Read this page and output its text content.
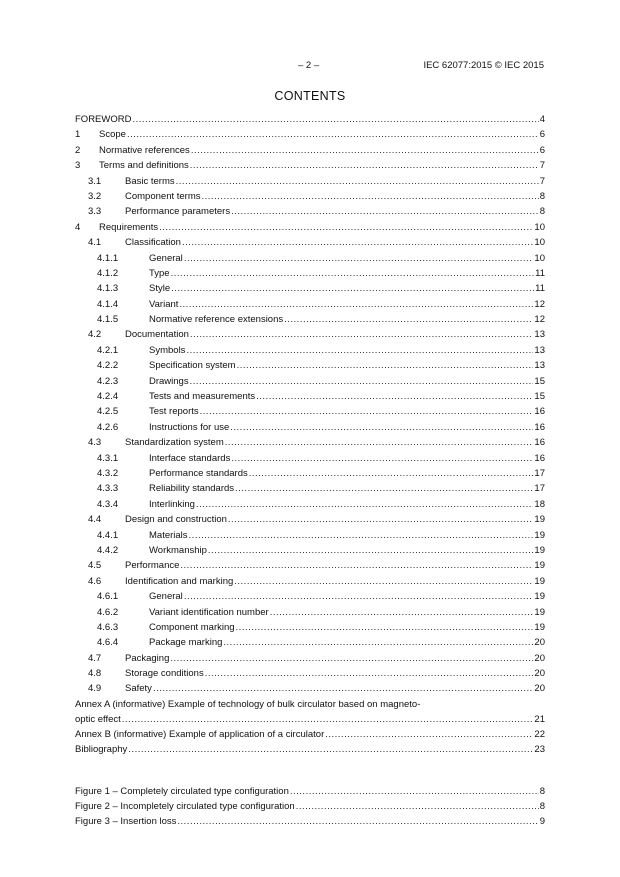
– 2 –	IEC 62077:2015 © IEC 2015
CONTENTS
FOREWORD .....	4
1 Scope .....	6
2 Normative references .....	6
3 Terms and definitions .....	7
3.1	Basic terms .....	7
3.2	Component terms .....	8
3.3	Performance parameters .....	8
4 Requirements .....	10
4.1	Classification .....	10
4.1.1	General .....	10
4.1.2	Type .....	11
4.1.3	Style .....	11
4.1.4	Variant .....	12
4.1.5	Normative reference extensions .....	12
4.2	Documentation .....	13
4.2.1	Symbols .....	13
4.2.2	Specification system .....	13
4.2.3	Drawings .....	15
4.2.4	Tests and measurements .....	15
4.2.5	Test reports .....	16
4.2.6	Instructions for use .....	16
4.3	Standardization system .....	16
4.3.1	Interface standards .....	16
4.3.2	Performance standards .....	17
4.3.3	Reliability standards .....	17
4.3.4	Interlinking .....	18
4.4	Design and construction .....	19
4.4.1	Materials .....	19
4.4.2	Workmanship .....	19
4.5	Performance .....	19
4.6	Identification and marking .....	19
4.6.1	General .....	19
4.6.2	Variant identification number .....	19
4.6.3	Component marking .....	19
4.6.4	Package marking .....	20
4.7	Packaging .....	20
4.8	Storage conditions .....	20
4.9	Safety .....	20
Annex A (informative) Example of technology of bulk circulator based on magneto-
optic effect .....	21
Annex B (informative) Example of application of a circulator .....	22
Bibliography .....	23
Figure 1 – Completely circulated type configuration .....	8
Figure 2 – Incompletely circulated type configuration .....	8
Figure 3 – Insertion loss .....	9
